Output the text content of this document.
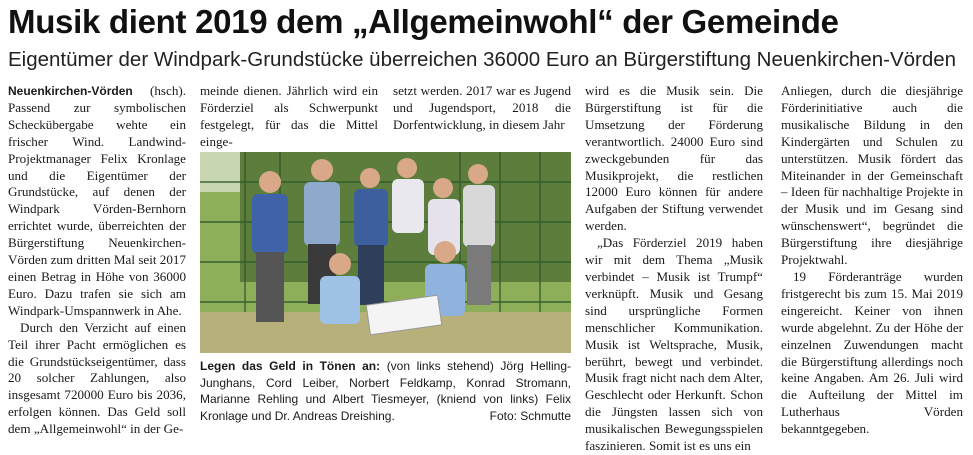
Musik dient 2019 dem „Allgemeinwohl“ der Gemeinde
Eigentümer der Windpark-Grundstücke überreichen 36000 Euro an Bürgerstiftung Neuenkirchen-Vörden

Neuenkirchen-Vörden (hsch). Passend zur symbolischen Scheckübergabe wehte ein frischer Wind. Landwind-Projektmanager Felix Kronlage und die Eigentümer der Grundstücke, auf denen der Windpark Vörden-Bernhorn errichtet wurde, überreichten der Bürgerstiftung Neuenkirchen-Vörden zum dritten Mal seit 2017 einen Betrag in Höhe von 36000 Euro. Dazu trafen sie sich am Windpark-Umspannwerk in Ahe.

Durch den Verzicht auf einen Teil ihrer Pacht ermöglichen es die Grundstückseigentümer, dass 20 solcher Zahlungen, also insgesamt 720000 Euro bis 2036, erfolgen können. Das Geld soll dem „Allgemeinwohl“ in der Ge-

meinde dienen. Jährlich wird ein Förderziel als Schwerpunkt festgelegt, für das die Mittel einge-

setzt werden. 2017 war es Jugend und Jugendsport, 2018 die Dorfentwicklung, in diesem Jahr

Legen das Geld in Tönen an: (von links stehend) Jörg Helling-Junghans, Cord Leiber, Norbert Feldkamp, Konrad Stromann, Marianne Rehling und Albert Tiesmeyer, (kniend von links) Felix Kronlage und Dr. Andreas Dreishing.	Foto: Schmutte

wird es die Musik sein. Die Bürgerstiftung ist für die Umsetzung der Förderung verantwortlich. 24000 Euro sind zweckgebunden für das Musikprojekt, die restlichen 12000 Euro können für andere Aufgaben der Stiftung verwendet werden.

„Das Förderziel 2019 haben wir mit dem Thema „Musik verbindet – Musik ist Trumpf“ verknüpft. Musik und Gesang sind ursprüngliche Formen menschlicher Kommunikation. Musik ist Weltsprache, Musik, berührt, bewegt und verbindet. Musik fragt nicht nach dem Alter, Geschlecht oder Herkunft. Schon die Jüngsten lassen sich von musikalischen Bewegungsspielen faszinieren. Somit ist es uns ein

Anliegen, durch die diesjährige Förderinitiative auch die musikalische Bildung in den Kindergärten und Schulen zu unterstützen. Musik fördert das Miteinander in der Gemeinschaft – Ideen für nachhaltige Projekte in der Musik und im Gesang sind wünschenswert“, begründet die Bürgerstiftung ihre diesjährige Projektwahl.

19 Förderanträge wurden fristgerecht bis zum 15. Mai 2019 eingereicht. Keiner von ihnen wurde abgelehnt. Zu der Höhe der einzelnen Zuwendungen macht die Bürgerstiftung allerdings noch keine Angaben. Am 26. Juli wird die Aufteilung der Mittel im Lutherhaus Vörden bekanntgegeben.
